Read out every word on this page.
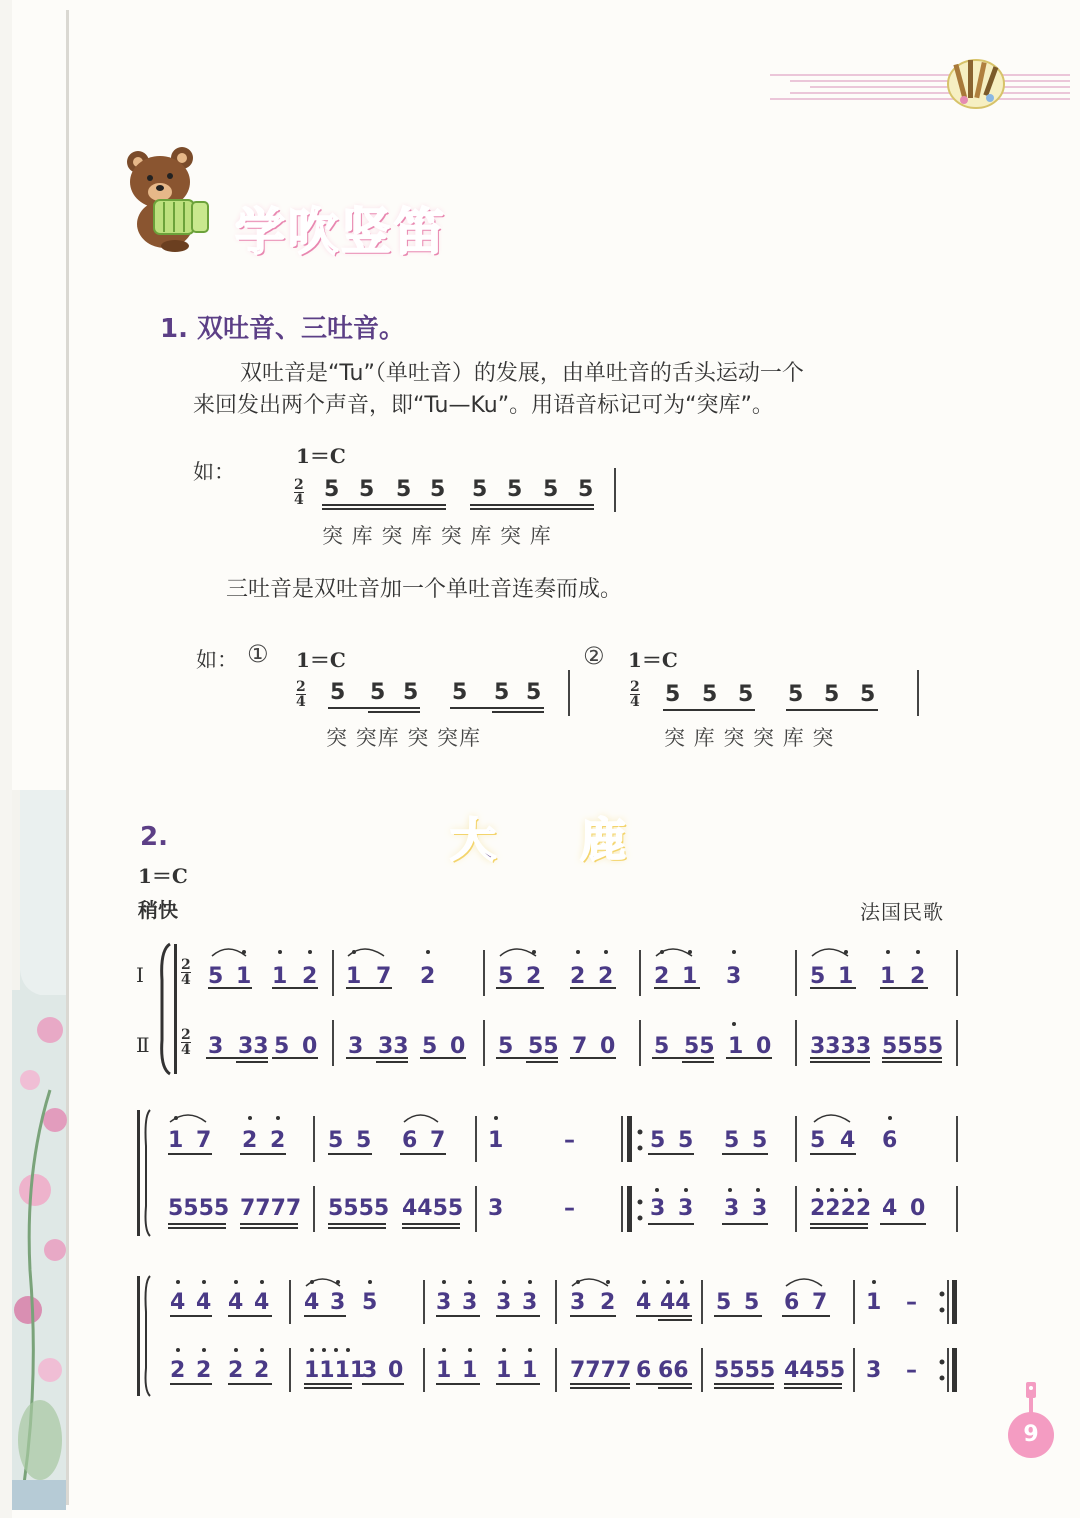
学吹竖笛
1. 双吐音、三吐音。

双吐音是“Tu”（单吐音）的发展，由单吐音的舌头运动一个

来回发出两个声音，即“Tu—Ku”。用语音标记可为“突库”。

如：
1＝C
2
4 5 5 5 5 5 5 5 5
突 库 突 库 突 库 突 库

三吐音是双吐音加一个单吐音连奏而成。

如： ① 1＝C
2
4 5 5 5 5 5 5
突 突库 突 突库
② 1＝C
2
4 5 5 5 5 5 5
突 库 突 突 库 突
2.	大 鹿
1＝C
稍快	法国民歌
Ⅰ
Ⅱ
2
4
2
4
5 1 1 2 1 7 2	5 2 2 2 2 1 3	5 1 1 2
3 33 5 0 3 33 5 0 5 55 7 0 5 55 1 0 3333 5555
1 7 2 2 5 5 6 7 1	–	5 5 5 5 5 4 6
5555 7777 5555 4455 3	–	3 3 3 3 2222 4 0
4 4 4 4 4 3 5	3 3 3 3 3 2 4 44 5 5 6 7 1 –
2 2 2 2 1111
3 0 1 1 1 1 7777 6 66 5555 4455 3 –
9
